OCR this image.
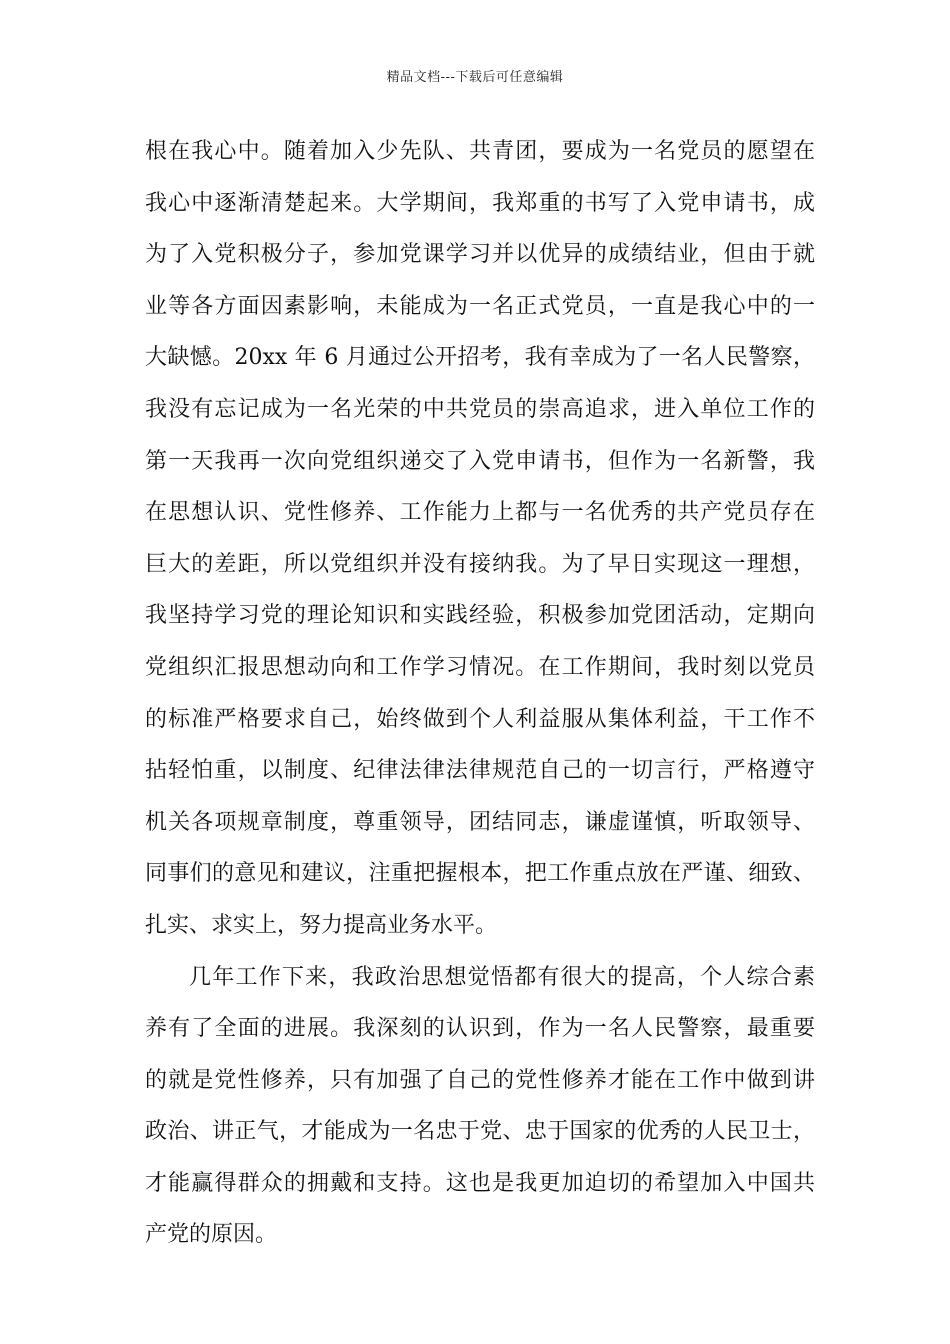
精品文档---下载后可任意编辑
根在我心中。随着加入少先队、共青团，要成为一名党员的愿望在
我心中逐渐清楚起来。大学期间，我郑重的书写了入党申请书，成
为了入党积极分子，参加党课学习并以优异的成绩结业，但由于就
业等各方面因素影响，未能成为一名正式党员，一直是我心中的一
大缺憾。20xx 年 6 月通过公开招考，我有幸成为了一名人民警察，
我没有忘记成为一名光荣的中共党员的崇高追求，进入单位工作的
第一天我再一次向党组织递交了入党申请书，但作为一名新警，我
在思想认识、党性修养、工作能力上都与一名优秀的共产党员存在
巨大的差距，所以党组织并没有接纳我。为了早日实现这一理想，
我坚持学习党的理论知识和实践经验，积极参加党团活动，定期向
党组织汇报思想动向和工作学习情况。在工作期间，我时刻以党员
的标准严格要求自己，始终做到个人利益服从集体利益，干工作不
拈轻怕重，以制度、纪律法律法律规范自己的一切言行，严格遵守
机关各项规章制度，尊重领导，团结同志，谦虚谨慎，听取领导、
同事们的意见和建议，注重把握根本，把工作重点放在严谨、细致、
扎实、求实上，努力提高业务水平。
几年工作下来，我政治思想觉悟都有很大的提高，个人综合素
养有了全面的进展。我深刻的认识到，作为一名人民警察，最重要
的就是党性修养，只有加强了自己的党性修养才能在工作中做到讲
政治、讲正气，才能成为一名忠于党、忠于国家的优秀的人民卫士，
才能赢得群众的拥戴和支持。这也是我更加迫切的希望加入中国共
产党的原因。
